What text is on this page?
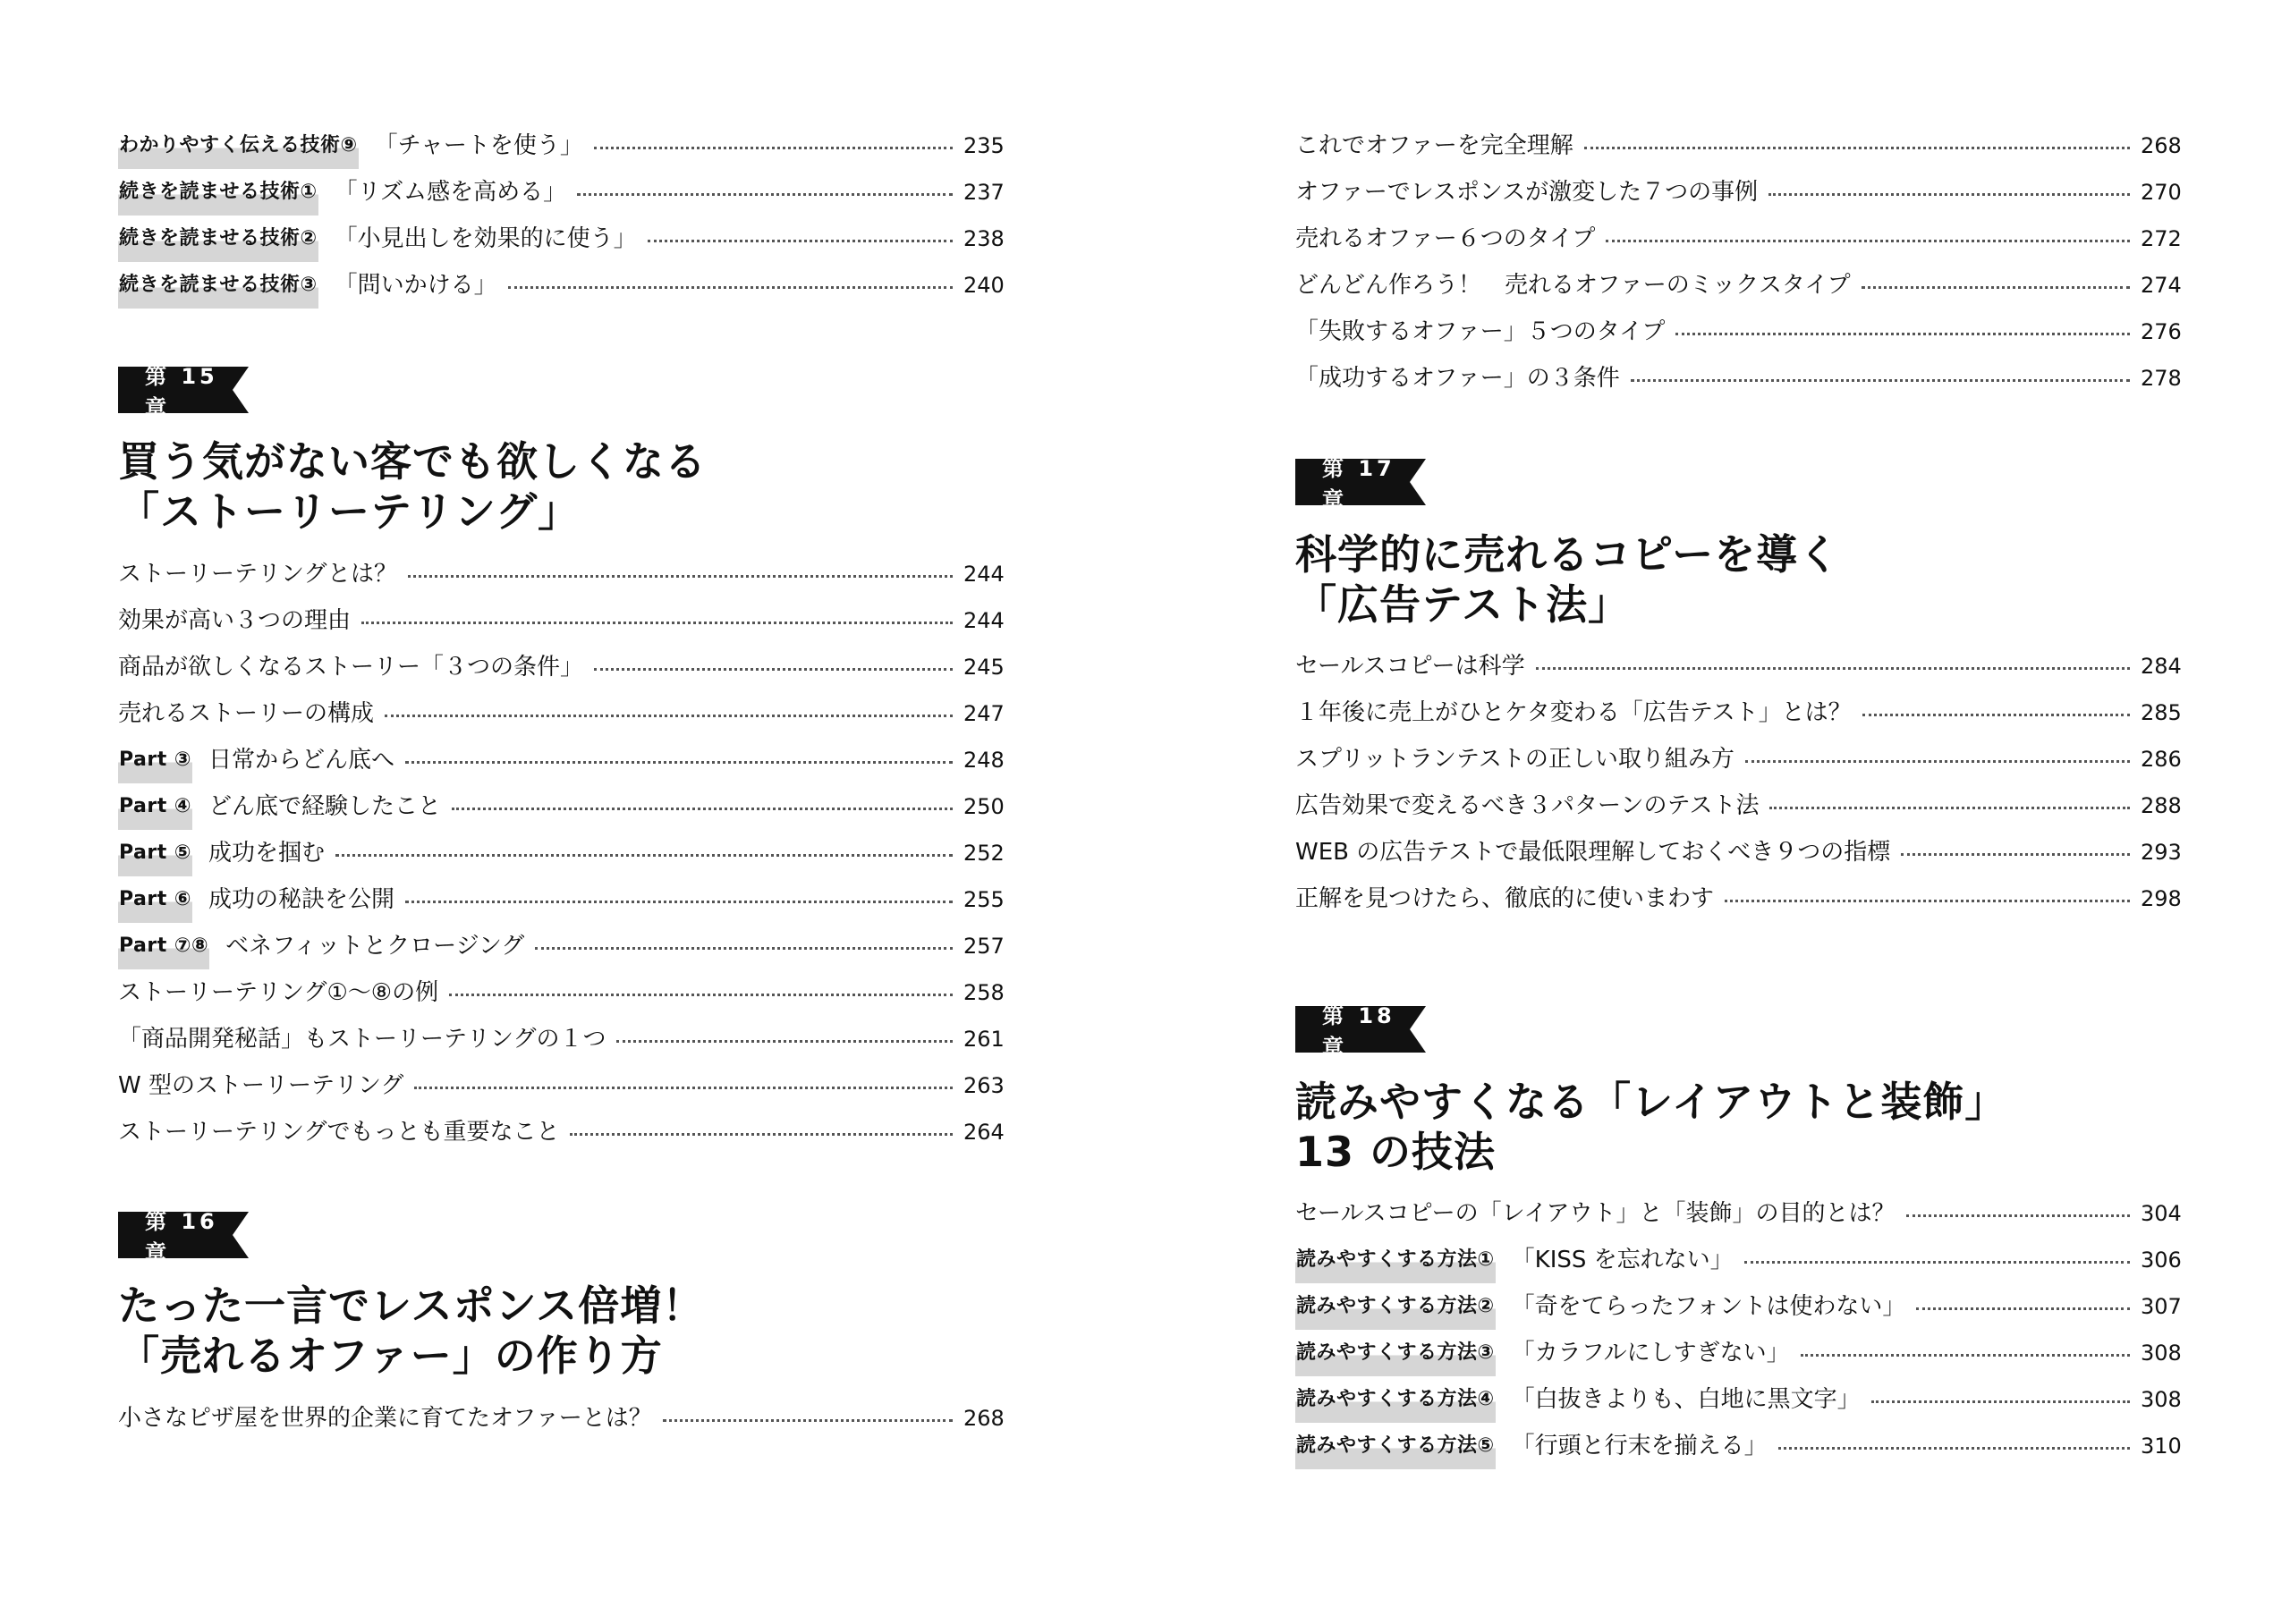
わかりやすく伝える技術⑨ 「チャートを使う」	235
続きを読ませる技術① 「リズム感を高める」	237
続きを読ませる技術② 「小見出しを効果的に使う」	238
続きを読ませる技術③ 「問いかける」	240
第 15 章
買う気がない客でも欲しくなる
「ストーリーテリング」
ストーリーテリングとは？	244
効果が高い３つの理由	244
商品が欲しくなるストーリー「３つの条件」	245
売れるストーリーの構成	247
Part ③ 日常からどん底へ	248
Part ④ どん底で経験したこと	250
Part ⑤ 成功を掴む	252
Part ⑥ 成功の秘訣を公開	255
Part ⑦⑧ ベネフィットとクロージング	257
ストーリーテリング①〜⑧の例	258
「商品開発秘話」もストーリーテリングの１つ	261
W 型のストーリーテリング	263
ストーリーテリングでもっとも重要なこと	264
第 16 章
たった一言でレスポンス倍増！
「売れるオファー」の作り方
小さなピザ屋を世界的企業に育てたオファーとは？	268
これでオファーを完全理解	268
オファーでレスポンスが激変した７つの事例	270
売れるオファー６つのタイプ	272
どんどん作ろう！　売れるオファーのミックスタイプ	274
「失敗するオファー」５つのタイプ	276
「成功するオファー」の３条件	278
第 17 章
科学的に売れるコピーを導く
「広告テスト法」
セールスコピーは科学	284
１年後に売上がひとケタ変わる「広告テスト」とは？	285
スプリットランテストの正しい取り組み方	286
広告効果で変えるべき３パターンのテスト法	288
WEB の広告テストで最低限理解しておくべき９つの指標	293
正解を見つけたら、徹底的に使いまわす	298
第 18 章
読みやすくなる「レイアウトと装飾」
13 の技法
セールスコピーの「レイアウト」と「装飾」の目的とは？	304
読みやすくする方法① 「KISS を忘れない」	306
読みやすくする方法② 「奇をてらったフォントは使わない」	307
読みやすくする方法③ 「カラフルにしすぎない」	308
読みやすくする方法④ 「白抜きよりも、白地に黒文字」	308
読みやすくする方法⑤ 「行頭と行末を揃える」	310
